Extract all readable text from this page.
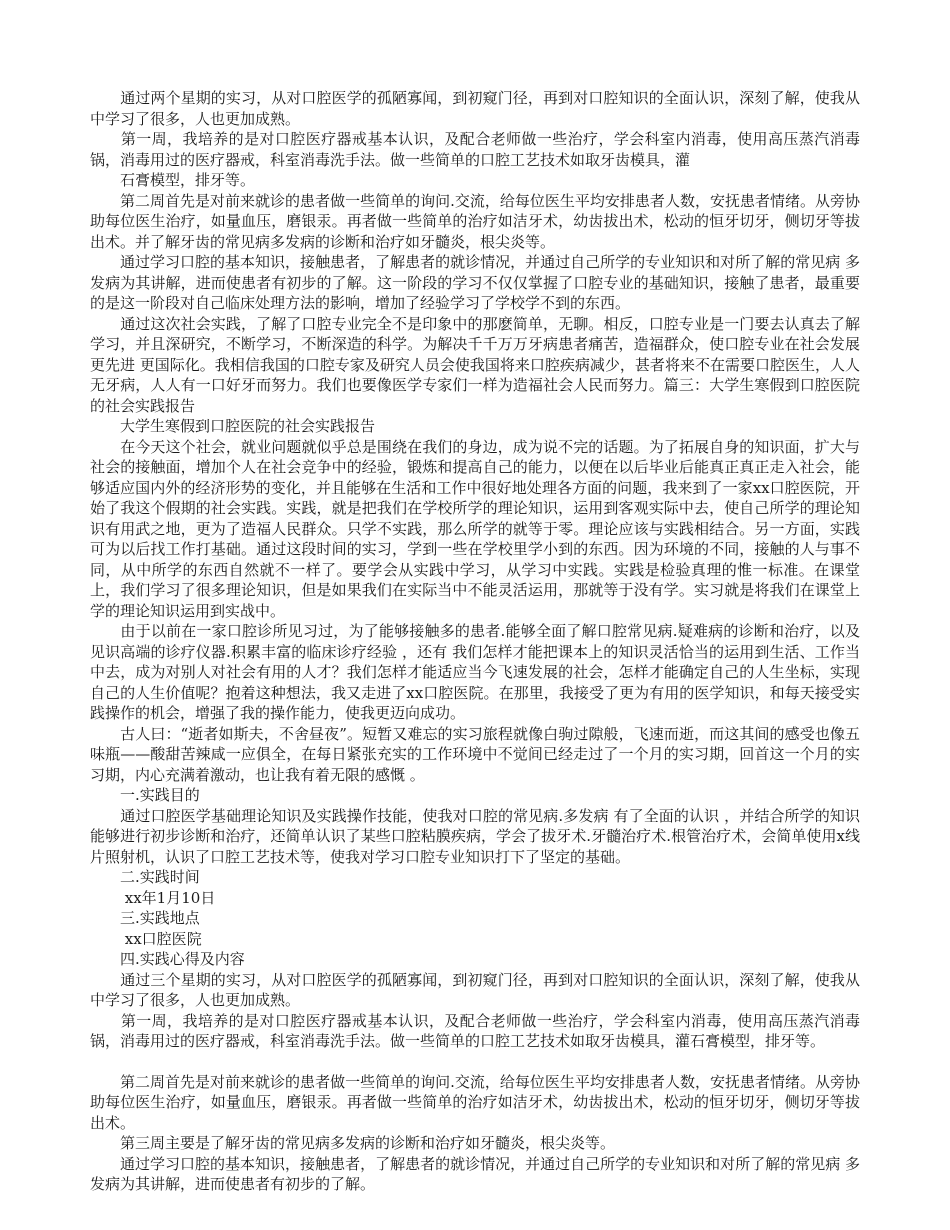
　　通过两个星期的实习，从对口腔医学的孤陋寡闻，到初窥门径，再到对口腔知识的全面认识，深刻了解，使我从中学习了很多，人也更加成熟。

　　第一周，我培养的是对口腔医疗器戒基本认识，及配合老师做一些治疗，学会科室内消毒，使用高压蒸汽消毒锅，消毒用过的医疗器戒，科室消毒洗手法。做一些简单的口腔工艺技术如取牙齿模具，灌

　　石膏模型，排牙等。

　　第二周首先是对前来就诊的患者做一些简单的询问.交流，给每位医生平均安排患者人数，安抚患者情绪。从旁协助每位医生治疗，如量血压，磨银汞。再者做一些简单的治疗如洁牙术，幼齿拔出术，松动的恒牙切牙，侧切牙等拔出术。并了解牙齿的常见病多发病的诊断和治疗如牙髓炎，根尖炎等。

　　通过学习口腔的基本知识，接触患者，了解患者的就诊情况，并通过自己所学的专业知识和对所了解的常见病 多发病为其讲解，进而使患者有初步的了解。这一阶段的学习不仅仅掌握了口腔专业的基础知识，接触了患者，最重要的是这一阶段对自己临床处理方法的影响，增加了经验学习了学校学不到的东西。

　　通过这次社会实践，了解了口腔专业完全不是印象中的那麽简单，无聊。相反，口腔专业是一门要去认真去了解学习，并且深研究，不断学习，不断深造的科学。为解决千千万万牙病患者痛苦，造福群众，使口腔专业在社会发展更先进 更国际化。我相信我国的口腔专家及研究人员会使我国将来口腔疾病减少，甚者将来不在需要口腔医生，人人无牙病，人人有一口好牙而努力。我们也要像医学专家们一样为造福社会人民而努力。篇三：大学生寒假到口腔医院的社会实践报告

　　大学生寒假到口腔医院的社会实践报告

　　在今天这个社会，就业问题就似乎总是围绕在我们的身边，成为说不完的话题。为了拓展自身的知识面，扩大与社会的接触面，增加个人在社会竞争中的经验，锻炼和提高自己的能力，以便在以后毕业后能真正真正走入社会，能够适应国内外的经济形势的变化，并且能够在生活和工作中很好地处理各方面的问题，我来到了一家xx口腔医院，开始了我这个假期的社会实践。实践，就是把我们在学校所学的理论知识，运用到客观实际中去，使自己所学的理论知识有用武之地，更为了造福人民群众。只学不实践，那么所学的就等于零。理论应该与实践相结合。另一方面，实践可为以后找工作打基础。通过这段时间的实习，学到一些在学校里学小到的东西。因为环境的不同，接触的人与事不同，从中所学的东西自然就不一样了。要学会从实践中学习，从学习中实践。实践是检验真理的惟一标准。在课堂上，我们学习了很多理论知识，但是如果我们在实际当中不能灵活运用，那就等于没有学。实习就是将我们在课堂上学的理论知识运用到实战中。

　　由于以前在一家口腔诊所见习过，为了能够接触多的患者.能够全面了解口腔常见病.疑难病的诊断和治疗，以及见识高端的诊疗仪器.积累丰富的临床诊疗经验 ，还有 我们怎样才能把课本上的知识灵活恰当的运用到生活、工作当中去，成为对别人对社会有用的人才？我们怎样才能适应当今飞速发展的社会，怎样才能确定自己的人生坐标，实现自己的人生价值呢？抱着这种想法，我又走进了xx口腔医院。在那里，我接受了更为有用的医学知识，和每天接受实践操作的机会，增强了我的操作能力，使我更迈向成功。

　　古人曰：“逝者如斯夫，不舍昼夜”。短暂又难忘的实习旅程就像白驹过隙般，飞速而逝，而这其间的感受也像五味瓶——酸甜苦辣咸一应俱全，在每日紧张充实的工作环境中不觉间已经走过了一个月的实习期，回首这一个月的实习期，内心充满着激动，也让我有着无限的感慨 。

　　一.实践目的

　　通过口腔医学基础理论知识及实践操作技能，使我对口腔的常见病.多发病 有了全面的认识 ，并结合所学的知识能够进行初步诊断和治疗，还简单认识了某些口腔粘膜疾病，学会了拔牙术.牙髓治疗术.根管治疗术，会简单使用x线片照射机，认识了口腔工艺技术等，使我对学习口腔专业知识打下了坚定的基础。

　　二.实践时间

　　 xx年1月10日

　　三.实践地点

　　 xx口腔医院

　　四.实践心得及内容

　　通过三个星期的实习，从对口腔医学的孤陋寡闻，到初窥门径，再到对口腔知识的全面认识，深刻了解，使我从中学习了很多，人也更加成熟。

　　第一周，我培养的是对口腔医疗器戒基本认识，及配合老师做一些治疗，学会科室内消毒，使用高压蒸汽消毒锅，消毒用过的医疗器戒，科室消毒洗手法。做一些简单的口腔工艺技术如取牙齿模具，灌石膏模型，排牙等。

　　第二周首先是对前来就诊的患者做一些简单的询问.交流，给每位医生平均安排患者人数，安抚患者情绪。从旁协助每位医生治疗，如量血压，磨银汞。再者做一些简单的治疗如洁牙术，幼齿拔出术，松动的恒牙切牙，侧切牙等拔出术。

　　第三周主要是了解牙齿的常见病多发病的诊断和治疗如牙髓炎，根尖炎等。

　　通过学习口腔的基本知识，接触患者，了解患者的就诊情况，并通过自己所学的专业知识和对所了解的常见病 多发病为其讲解，进而使患者有初步的了解。
